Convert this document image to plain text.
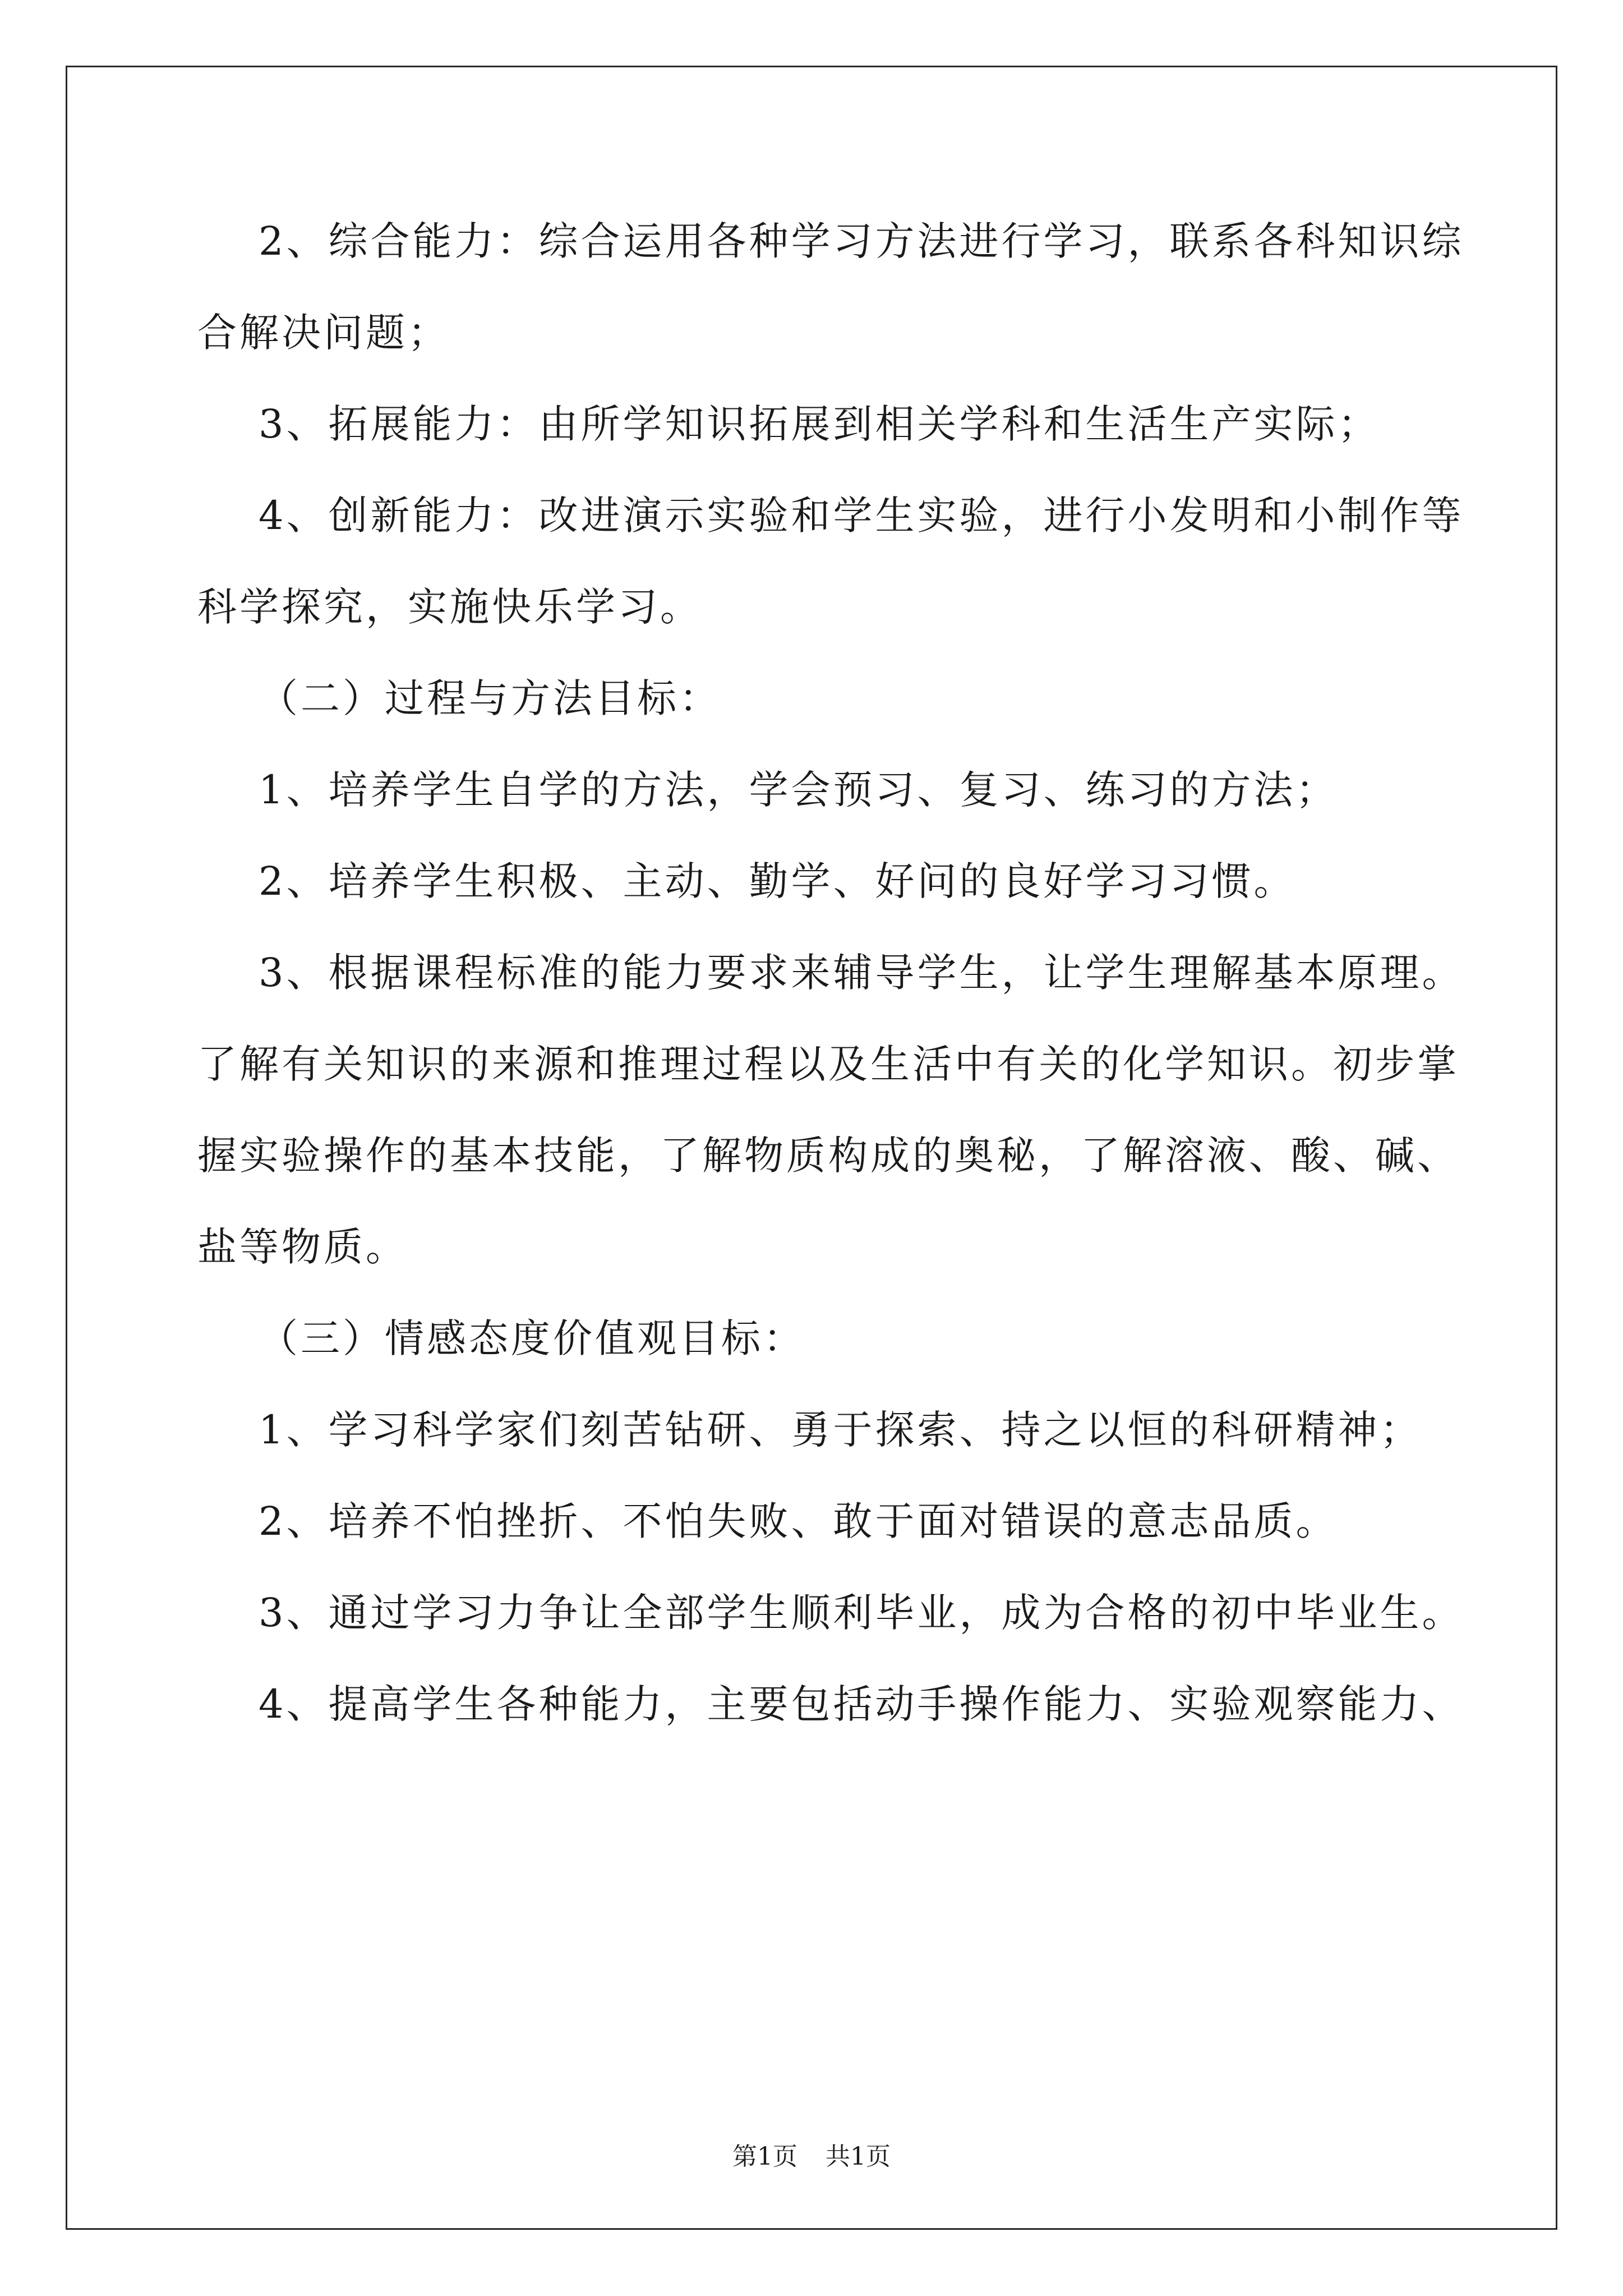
2、综合能力：综合运用各种学习方法进行学习，联系各科知识综
合解决问题；
3、拓展能力：由所学知识拓展到相关学科和生活生产实际；
4、创新能力：改进演示实验和学生实验，进行小发明和小制作等
科学探究，实施快乐学习。
（二）过程与方法目标：
1、培养学生自学的方法，学会预习、复习、练习的方法；
2、培养学生积极、主动、勤学、好问的良好学习习惯。
3、根据课程标准的能力要求来辅导学生，让学生理解基本原理。
了解有关知识的来源和推理过程以及生活中有关的化学知识。初步掌
握实验操作的基本技能，了解物质构成的奥秘，了解溶液、酸、碱、
盐等物质。
（三）情感态度价值观目标：
1、学习科学家们刻苦钻研、勇于探索、持之以恒的科研精神；
2、培养不怕挫折、不怕失败、敢于面对错误的意志品质。
3、通过学习力争让全部学生顺利毕业，成为合格的初中毕业生。
4、提高学生各种能力，主要包括动手操作能力、实验观察能力、
第1页 共1页
